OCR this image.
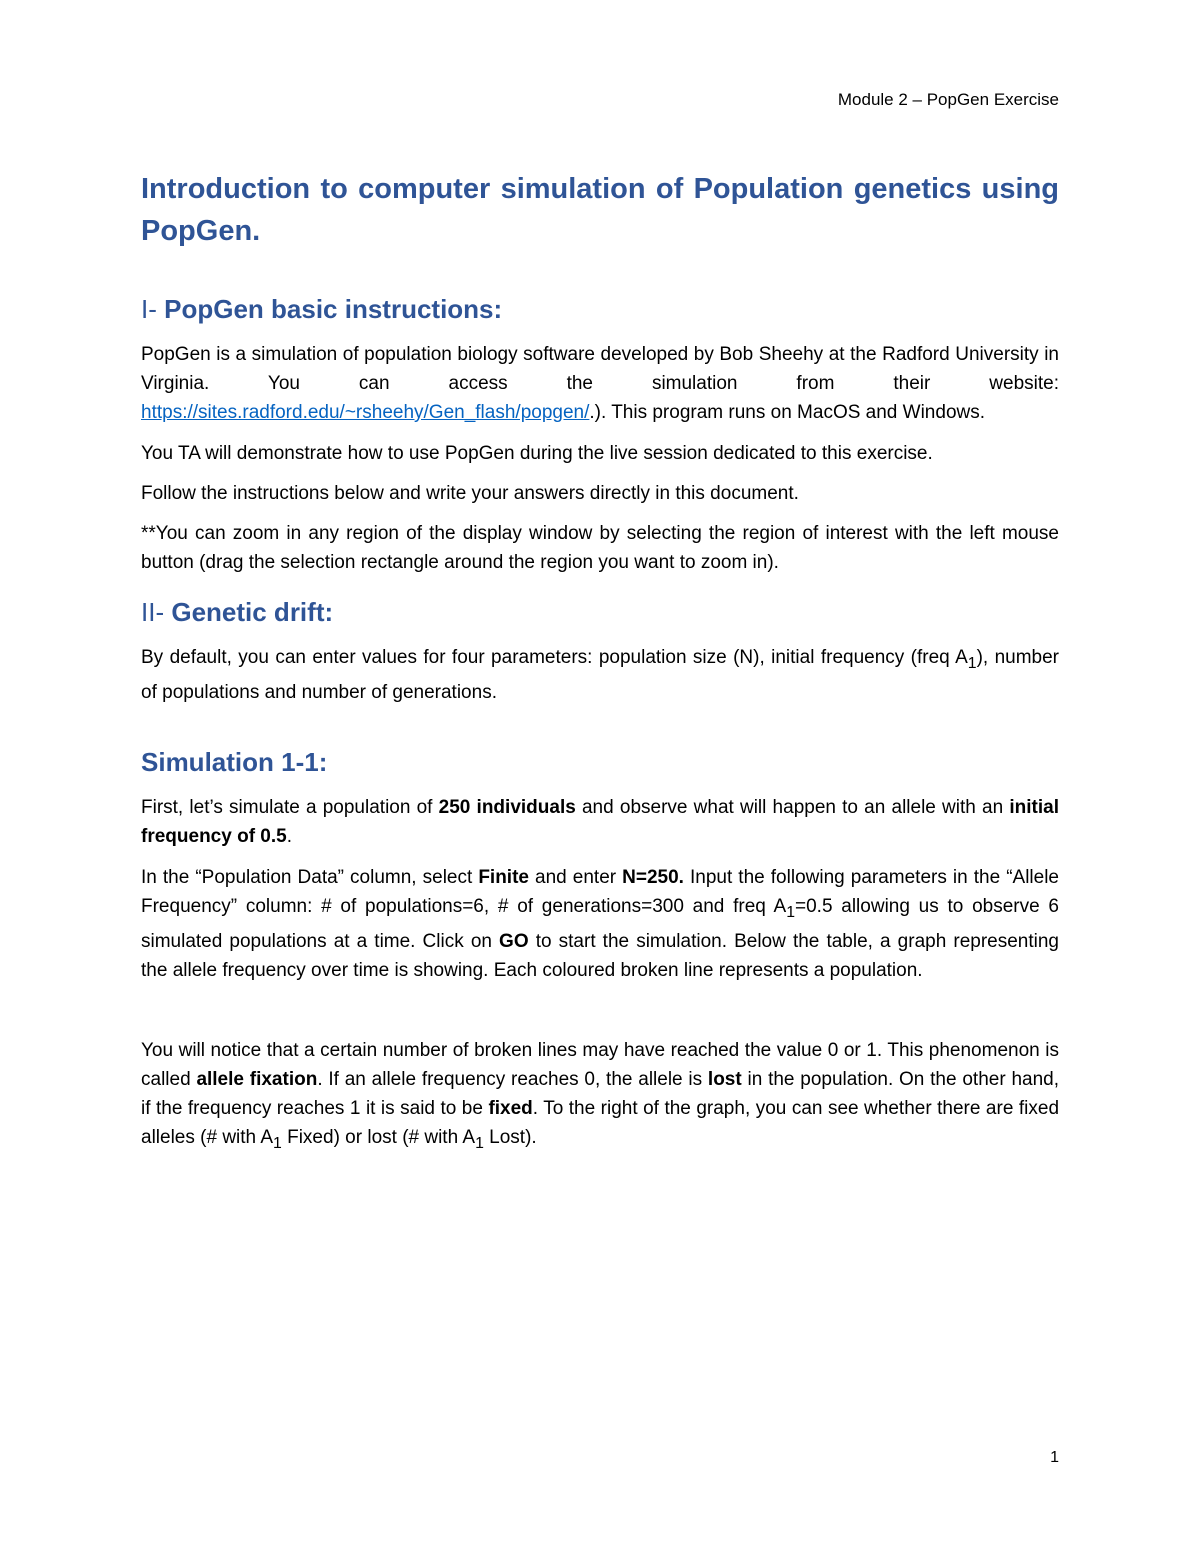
Module 2 – PopGen Exercise
Introduction to computer simulation of Population genetics using PopGen.
I- PopGen basic instructions:

PopGen is a simulation of population biology software developed by Bob Sheehy at the Radford University in Virginia. You can access the simulation from their website: https://sites.radford.edu/~rsheehy/Gen_flash/popgen/.). This program runs on MacOS and Windows.

You TA will demonstrate how to use PopGen during the live session dedicated to this exercise.

Follow the instructions below and write your answers directly in this document.

**You can zoom in any region of the display window by selecting the region of interest with the left mouse button (drag the selection rectangle around the region you want to zoom in).

II- Genetic drift:

By default, you can enter values for four parameters: population size (N), initial frequency (freq $A_1$), number of populations and number of generations.

Simulation 1-1:

First, let’s simulate a population of 250 individuals and observe what will happen to an allele with an initial frequency of 0.5.

In the “Population Data” column, select Finite and enter N=250. Input the following parameters in the “Allele Frequency” column: # of populations=6, # of generations=300 and freq $A_1=0.5$ allowing us to observe 6 simulated populations at a time. Click on GO to start the simulation. Below the table, a graph representing the allele frequency over time is showing. Each coloured broken line represents a population.

You will notice that a certain number of broken lines may have reached the value 0 or 1. This phenomenon is called allele fixation. If an allele frequency reaches 0, the allele is lost in the population. On the other hand, if the frequency reaches 1 it is said to be fixed. To the right of the graph, you can see whether there are fixed alleles (# with $A_1$ Fixed) or lost (# with $A_1$ Lost).

1
